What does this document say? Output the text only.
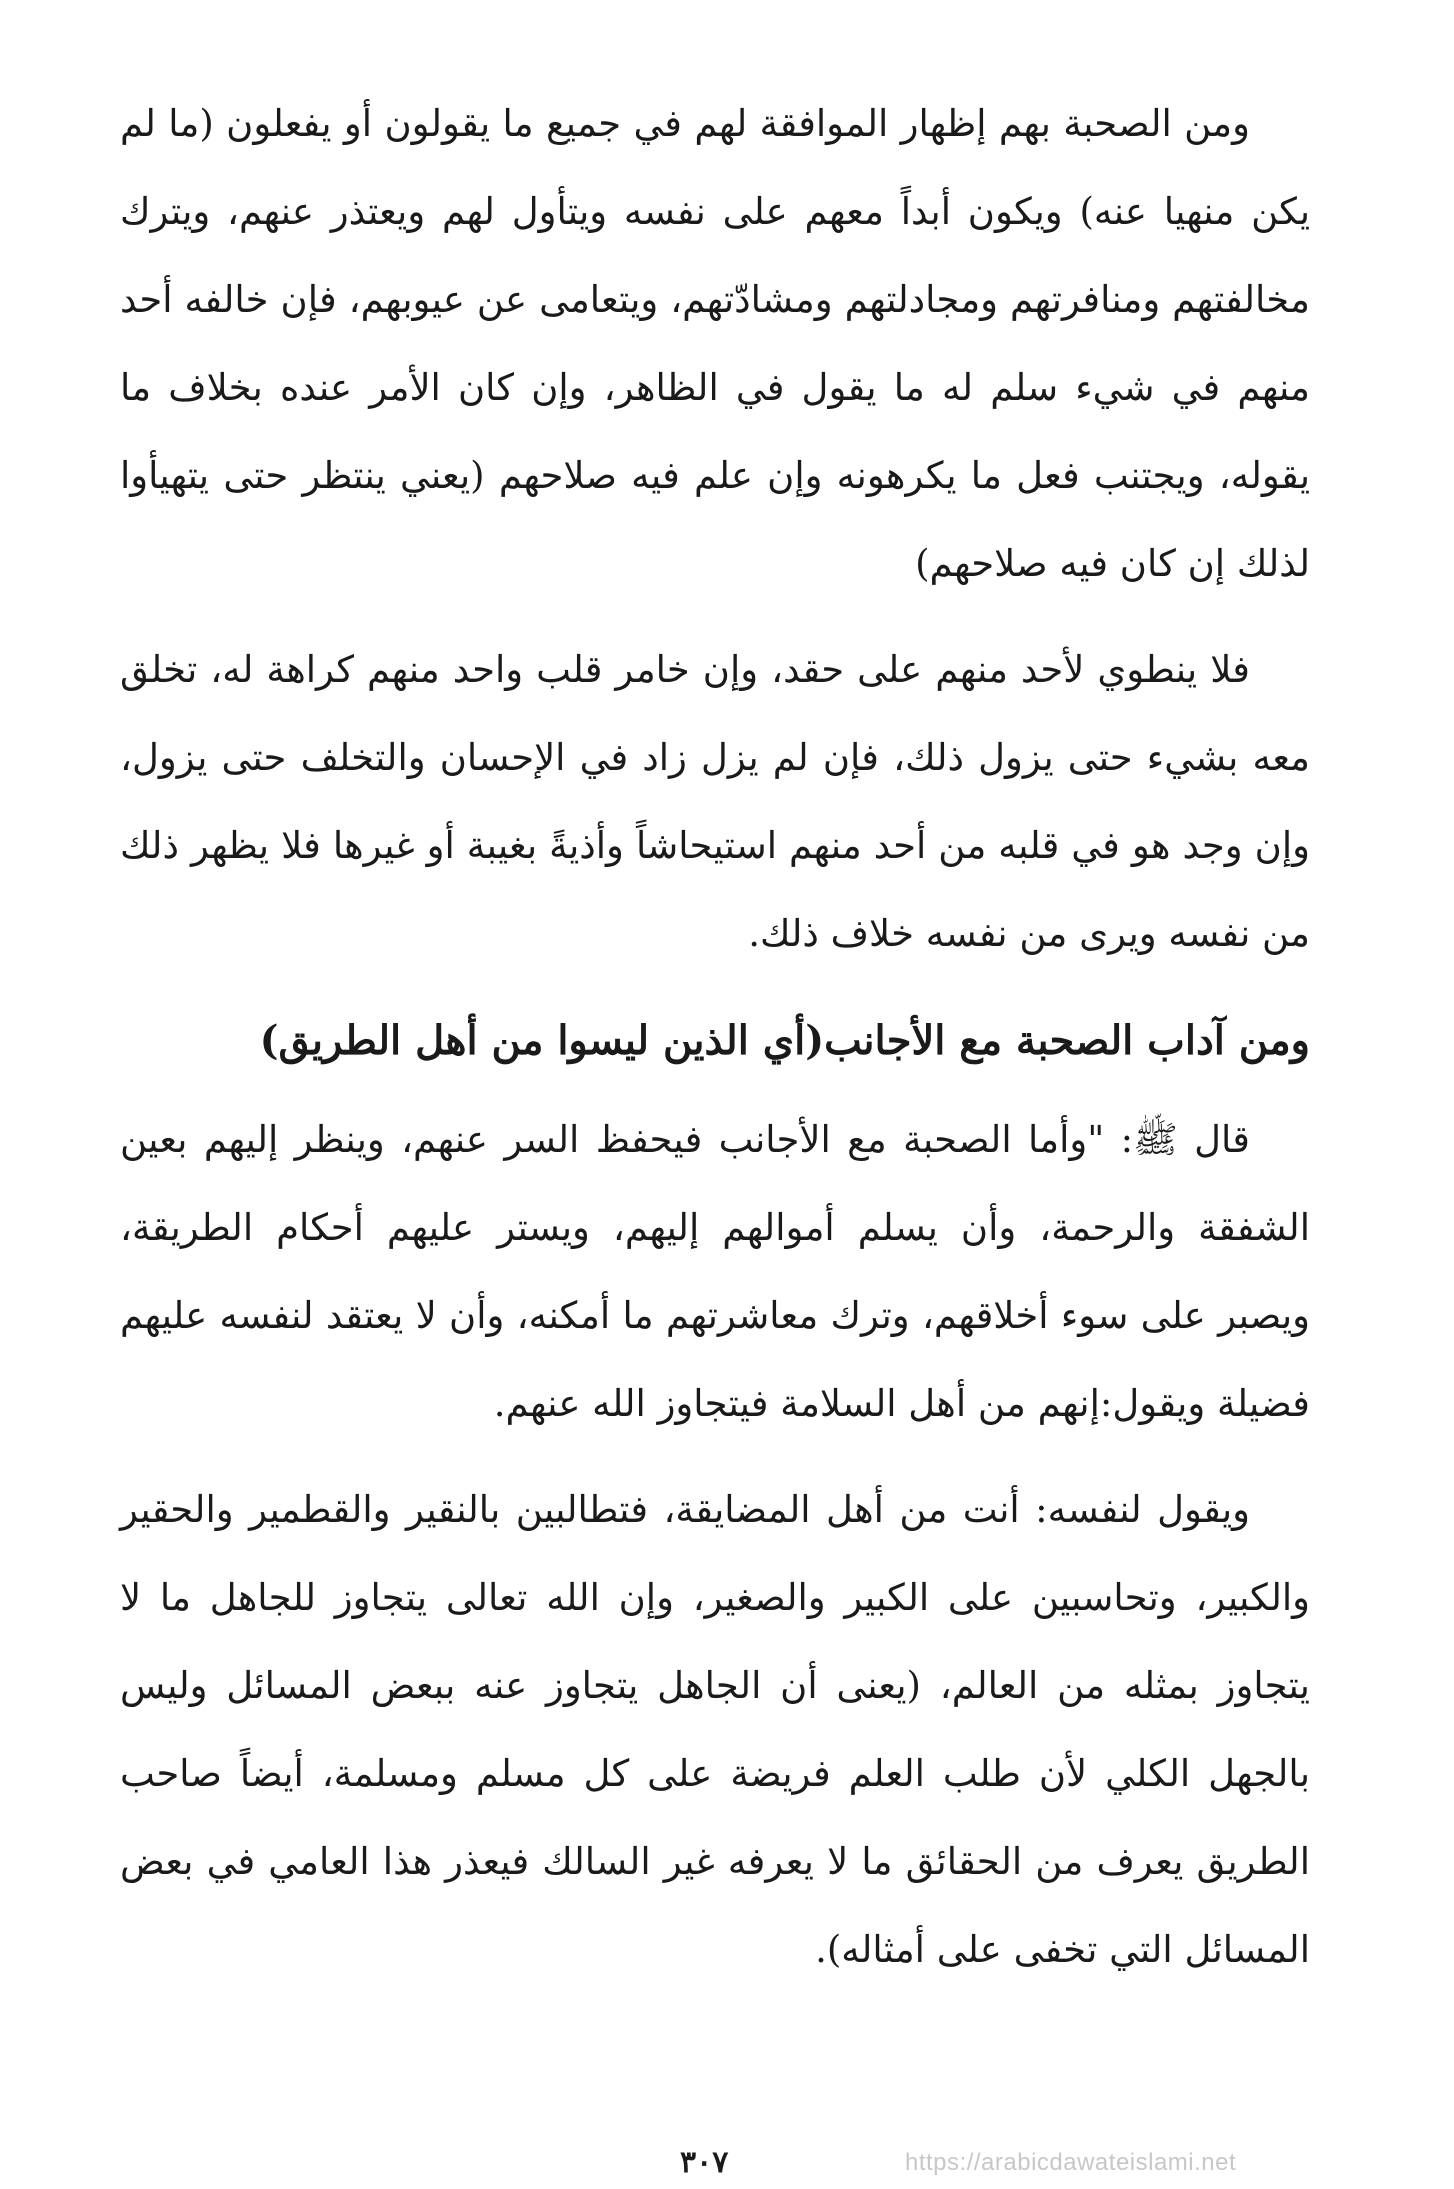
ومن الصحبة بهم إظهار الموافقة لهم في جميع ما يقولون أو يفعلون (ما لم يكن منهيا عنه) ويكون أبداً معهم على نفسه ويتأول لهم ويعتذر عنهم، ويترك مخالفتهم ومنافرتهم ومجادلتهم ومشادّتهم، ويتعامى عن عيوبهم، فإن خالفه أحد منهم في شيء سلم له ما يقول في الظاهر، وإن كان الأمر عنده بخلاف ما يقوله، ويجتنب فعل ما يكرهونه وإن علم فيه صلاحهم (يعني ينتظر حتى يتهيأوا لذلك إن كان فيه صلاحهم)

فلا ينطوي لأحد منهم على حقد، وإن خامر قلب واحد منهم كراهة له، تخلق معه بشيء حتى يزول ذلك، فإن لم يزل زاد في الإحسان والتخلف حتى يزول، وإن وجد هو في قلبه من أحد منهم استيحاشاً وأذيةً بغيبة أو غيرها فلا يظهر ذلك من نفسه ويرى من نفسه خلاف ذلك.

ومن آداب الصحبة مع الأجانب(أي الذين ليسوا من أهل الطريق)

قال ﷺ: "وأما الصحبة مع الأجانب فيحفظ السر عنهم، وينظر إليهم بعين الشفقة والرحمة، وأن يسلم أموالهم إليهم، ويستر عليهم أحكام الطريقة، ويصبر على سوء أخلاقهم، وترك معاشرتهم ما أمكنه، وأن لا يعتقد لنفسه عليهم فضيلة ويقول:إنهم من أهل السلامة فيتجاوز الله عنهم.

ويقول لنفسه: أنت من أهل المضايقة، فتطالبين بالنقير والقطمير والحقير والكبير، وتحاسبين على الكبير والصغير، وإن الله تعالى يتجاوز للجاهل ما لا يتجاوز بمثله من العالم، (يعنى أن الجاهل يتجاوز عنه ببعض المسائل وليس بالجهل الكلي لأن طلب العلم فريضة على كل مسلم ومسلمة، أيضاً صاحب الطريق يعرف من الحقائق ما لا يعرفه غير السالك فيعذر هذا العامي في بعض المسائل التي تخفى على أمثاله).

٣٠٧	https://arabicdawateislami.net
